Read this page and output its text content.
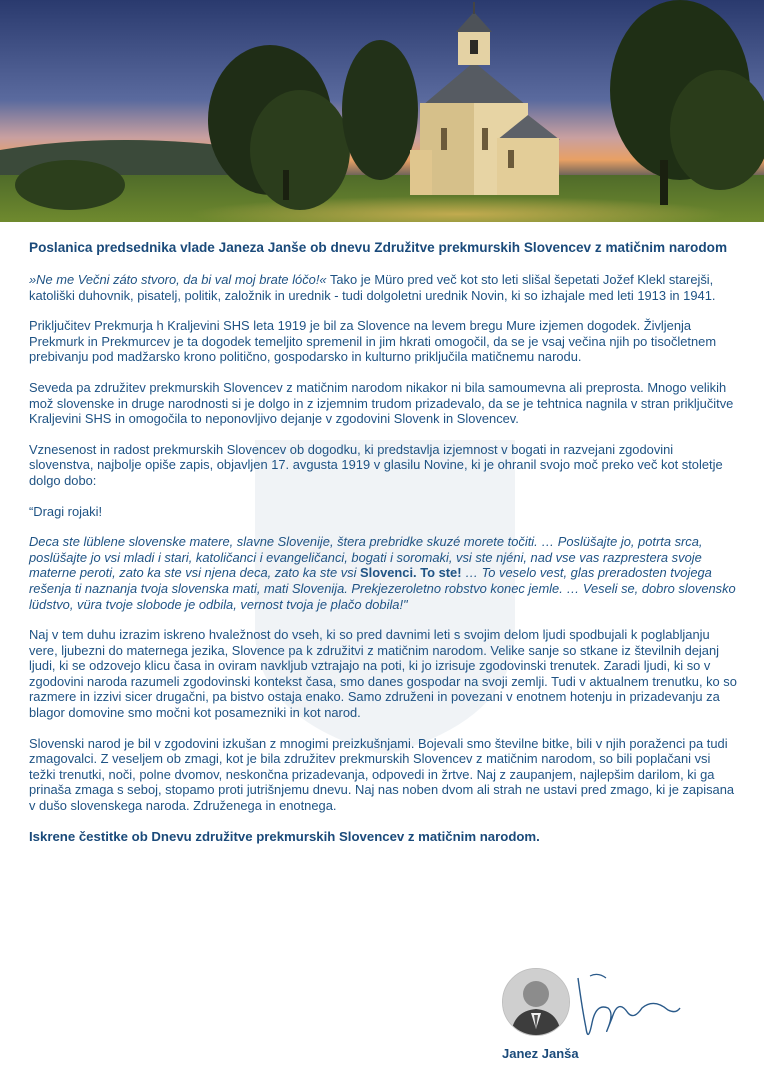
Poslanica predsednika vlade Janeza Janše ob dnevu Združitve prekmurskih Slovencev z matičnim narodom

»Ne me Večni záto stvoro, da bi val moj brate lóčo!« Tako je Müro pred več kot sto leti slišal šepetati Jožef Klekl starejši, katoliški duhovnik, pisatelj, politik, založnik in urednik - tudi dolgoletni urednik Novin, ki so izhajale med leti 1913 in 1941.

Priključitev Prekmurja h Kraljevini SHS leta 1919 je bil za Slovence na levem bregu Mure izjemen dogodek. Življenja Prekmurk in Prekmurcev je ta dogodek temeljito spremenil in jim hkrati omogočil, da se je vsaj večina njih po tisočletnem prebivanju pod madžarsko krono politično, gospodarsko in kulturno priključila matičnemu narodu.

Seveda pa združitev prekmurskih Slovencev z matičnim narodom nikakor ni bila samoumevna ali preprosta. Mnogo velikih mož slovenske in druge narodnosti si je dolgo in z izjemnim trudom prizadevalo, da se je tehtnica nagnila v stran priključitve Kraljevini SHS in omogočila to neponovljivo dejanje v zgodovini Slovenk in Slovencev.

Vznesenost in radost prekmurskih Slovencev ob dogodku, ki predstavlja izjemnost v bogati in razvejani zgodovini slovenstva, najbolje opiše zapis, objavljen 17. avgusta 1919 v glasilu Novine, ki je ohranil svojo moč preko več kot stoletje dolgo dobo:

“Dragi rojaki!

Deca ste lüblene slovenske matere, slavne Slovenije, štera prebridke skuzé morete točiti. … Poslüšajte jo, potrta srca, poslüšajte jo vsi mladi i stari, katoličanci i evangeličanci, bogati i soromaki, vsi ste njéni, nad vse vas razprestera svoje materne peroti, zato ka ste vsi njena deca, zato ka ste vsi Slovenci. To ste! … To veselo vest, glas preradosten tvojega rešenja ti naznanja tvoja slovenska mati, mati Slovenija. Prekjezeroletno robstvo konec jemle. … Veseli se, dobro slovensko lüdstvo, vüra tvoje slobode je odbila, vernost tvoja je plačo dobila!"

Naj v tem duhu izrazim iskreno hvaležnost do vseh, ki so pred davnimi leti s svojim delom ljudi spodbujali k poglabljanju vere, ljubezni do maternega jezika, Slovence pa k združitvi z matičnim narodom. Velike sanje so stkane iz številnih dejanj ljudi, ki se odzovejo klicu časa in oviram navkljub vztrajajo na poti, ki jo izrisuje zgodovinski trenutek. Zaradi ljudi, ki so v zgodovini naroda razumeli zgodovinski kontekst časa, smo danes gospodar na svoji zemlji. Tudi v aktualnem trenutku, ko so razmere in izzivi sicer drugačni, pa bistvo ostaja enako. Samo združeni in povezani v enotnem hotenju in prizadevanju za blagor domovine smo močni kot posamezniki in kot narod.

Slovenski narod je bil v zgodovini izkušan z mnogimi preizkušnjami. Bojevali smo številne bitke, bili v njih poraženci pa tudi zmagovalci. Z veseljem ob zmagi, kot je bila združitev prekmurskih Slovencev z matičnim narodom, so bili poplačani vsi težki trenutki, noči, polne dvomov, neskončna prizadevanja, odpovedi in žrtve. Naj z zaupanjem, najlepšim darilom, ki ga prinaša zmaga s seboj, stopamo proti jutrišnjemu dnevu. Naj nas noben dvom ali strah ne ustavi pred zmago, ki je zapisana v dušo slovenskega naroda. Združenega in enotnega.

Iskrene čestitke ob Dnevu združitve prekmurskih Slovencev z matičnim narodom.

Janez Janša
